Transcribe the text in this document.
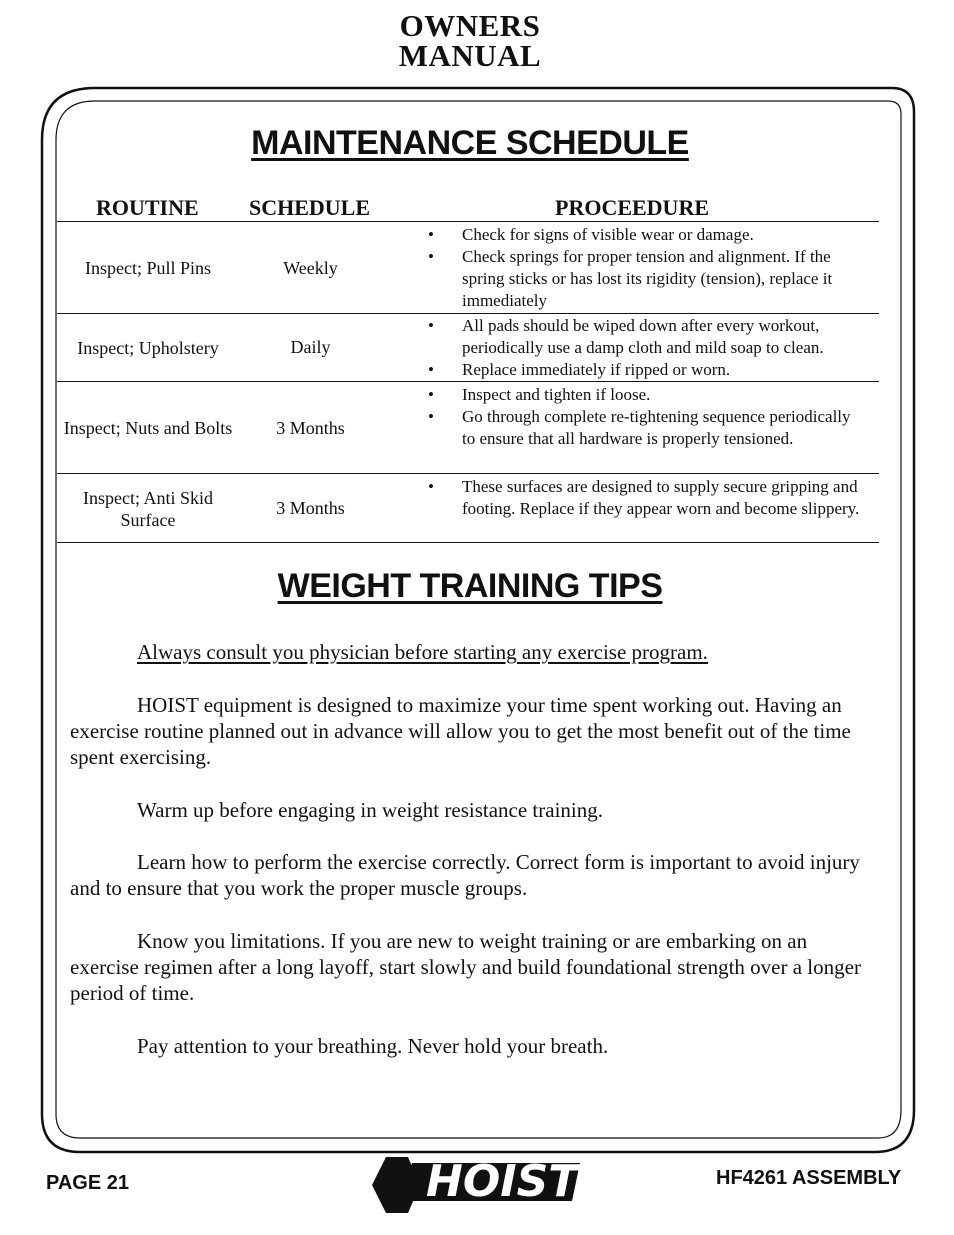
OWNERS
MANUAL
MAINTENANCE SCHEDULE
ROUTINE SCHEDULE	PROCEEDURE
Inspect; Pull Pins	Weekly
• Check for signs of visible wear or damage.
• Check springs for proper tension and alignment. If the spring sticks or has lost its rigidity (tension), replace it immediately
Inspect; Upholstery	Daily
• All pads should be wiped down after every workout, periodically use a damp cloth and mild soap to clean.
• Replace immediately if ripped or worn.
Inspect; Nuts and Bolts	3 Months
• Inspect and tighten if loose.
• Go through complete re-tightening sequence periodically to ensure that all hardware is properly tensioned.
Inspect; Anti Skid Surface
3 Months
• These surfaces are designed to supply secure gripping and footing. Replace if they appear worn and become slippery.
WEIGHT TRAINING TIPS
Always consult you physician before starting any exercise program.
HOIST equipment is designed to maximize your time spent working out. Having an exercise routine planned out in advance will allow you to get the most benefit out of the time spent exercising.
Warm up before engaging in weight resistance training.
Learn how to perform the exercise correctly. Correct form is important to avoid injury and to ensure that you work the proper muscle groups.
Know you limitations. If you are new to weight training or are embarking on an exercise regimen after a long layoff, start slowly and build foundational strength over a longer period of time.
Pay attention to your breathing. Never hold your breath.
PAGE 21	HOIST	HF4261 ASSEMBLY
